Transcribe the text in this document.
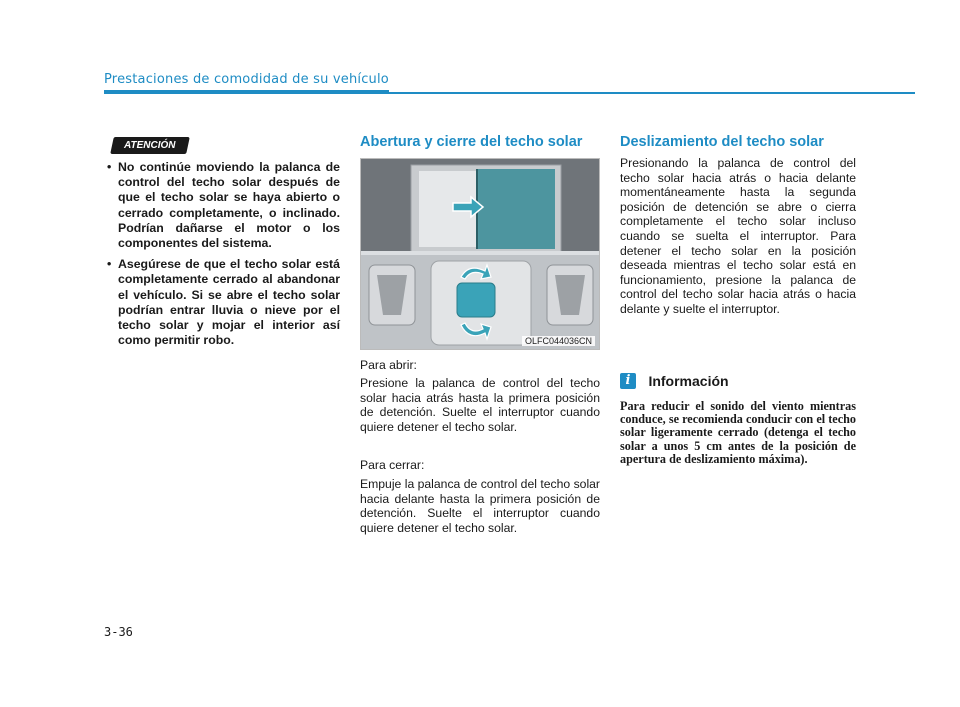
Prestaciones de comodidad de su vehículo
ATENCIÓN
• No continúe moviendo la palanca de control del techo solar después de que el techo solar se haya abierto o cerrado completamente, o inclinado. Podrían dañarse el motor o los componentes del sistema.
• Asegúrese de que el techo solar está completamente cerrado al abandonar el vehículo. Si se abre el techo solar podrían entrar lluvia o nieve por el techo solar y mojar el interior así como permitir robo.
Abertura y cierre del techo solar
OLFC044036CN

Para abrir:

Presione la palanca de control del techo solar hacia atrás hasta la primera posición de detención. Suelte el interruptor cuando quiere detener el techo solar.

Para cerrar:

Empuje la palanca de control del techo solar hacia delante hasta la primera posición de detención. Suelte el interruptor cuando quiere detener el techo solar.

Deslizamiento del techo solar

Presionando la palanca de control del techo solar hacia atrás o hacia delante momentáneamente hasta la segunda posición de detención se abre o cierra completamente el techo solar incluso cuando se suelta el interruptor. Para detener el techo solar en la posición deseada mientras el techo solar está en funcionamiento, presione la palanca de control del techo solar hacia atrás o hacia delante y suelte el interruptor.

i Información

Para reducir el sonido del viento mientras conduce, se recomienda conducir con el techo solar ligeramente cerrado (detenga el techo solar a unos 5 cm antes de la posición de apertura de deslizamiento máxima).

3-36
